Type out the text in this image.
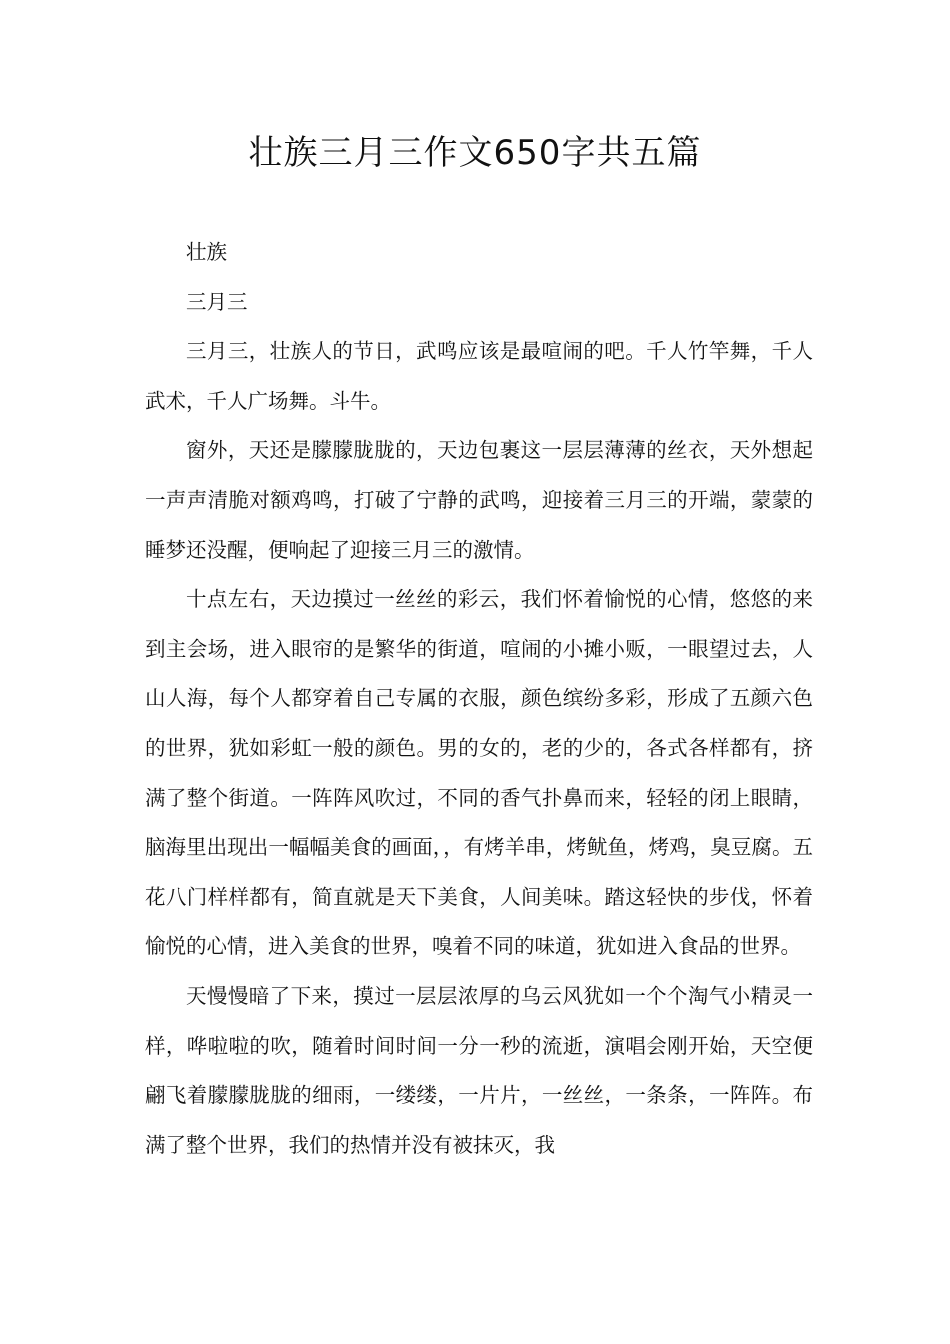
壮族三月三作文650字共五篇

壮族

三月三

三月三，壮族人的节日，武鸣应该是最喧闹的吧。千人竹竿舞，千人武术，千人广场舞。斗牛。

窗外，天还是朦朦胧胧的，天边包裹这一层层薄薄的丝衣，天外想起一声声清脆对额鸡鸣，打破了宁静的武鸣，迎接着三月三的开端，蒙蒙的睡梦还没醒，便响起了迎接三月三的激情。

十点左右，天边摸过一丝丝的彩云，我们怀着愉悦的心情，悠悠的来到主会场，进入眼帘的是繁华的街道，喧闹的小摊小贩，一眼望过去，人山人海，每个人都穿着自己专属的衣服，颜色缤纷多彩，形成了五颜六色的世界，犹如彩虹一般的颜色。男的女的，老的少的，各式各样都有，挤满了整个街道。一阵阵风吹过，不同的香气扑鼻而来，轻轻的闭上眼睛，脑海里出现出一幅幅美食的画面，，有烤羊串，烤鱿鱼，烤鸡，臭豆腐。五花八门样样都有，简直就是天下美食，人间美味。踏这轻快的步伐，怀着愉悦的心情，进入美食的世界，嗅着不同的味道，犹如进入食品的世界。

天慢慢暗了下来，摸过一层层浓厚的乌云风犹如一个个淘气小精灵一样，哗啦啦的吹，随着时间时间一分一秒的流逝，演唱会刚开始，天空便翩飞着朦朦胧胧的细雨，一缕缕，一片片，一丝丝，一条条，一阵阵。布满了整个世界，我们的热情并没有被抹灭，我
